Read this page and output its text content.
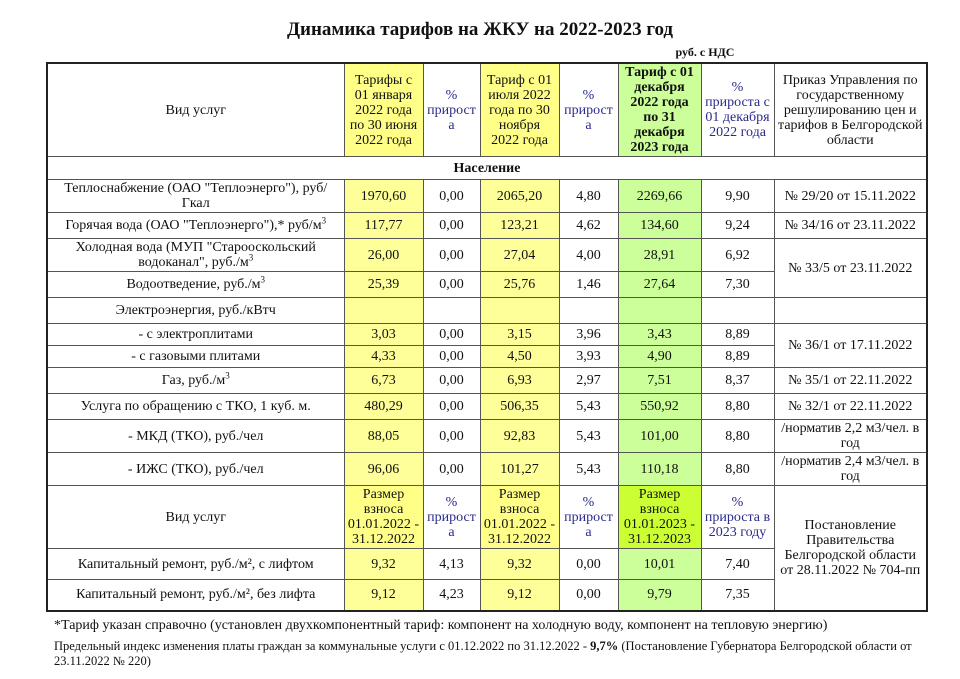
Динамика тарифов на ЖКУ на 2022-2023 год
руб. с НДС
Вид услуг	Тарифы с 01 января 2022 года по 30 июня 2022 года	% прироста	Тариф с 01 июля 2022 года по 30 ноября 2022 года	% прироста	Тариф с 01 декабря 2022 года по 31 декабря 2023 года	% прироста с 01 декабря 2022 года	Приказ Управления по государственному решулированию цен и тарифов в Белгородской области
Население							
Теплоснабжение (ОАО "Теплоэнерго"), руб/Гкал	1970,60	0,00	2065,20	4,80	2269,66	9,90	№ 29/20 от 15.11.2022
Горячая вода (ОАО "Теплоэнерго"),* руб/$м^3$	117,77	0,00	123,21	4,62	134,60	9,24	№ 34/16 от 23.11.2022
Холодная вода (МУП "Старооскольский водоканал", $руб./м^3$	26,00	0,00	27,04	4,00	28,91	6,92	№ 33/5 от 23.11.2022
Водоотведение, $руб./м^3$	25,39	0,00	25,76	1,46	27,64	7,30	
Электроэнергия, руб./кВтч							
- с электроплитами	3,03	0,00	3,15	3,96	3,43	8,89	№ 36/1 от 17.11.2022
- с газовыми плитами	4,33	0,00	4,50	3,93	4,90	8,89	
Газ, $руб./м^3$	6,73	0,00	6,93	2,97	7,51	8,37	№ 35/1 от 22.11.2022
Услуга по обращению с ТКО, 1 куб. м.	480,29	0,00	506,35	5,43	550,92	8,80	№ 32/1 от 22.11.2022
- МКД (ТКО), руб./чел	88,05	0,00	92,83	5,43	101,00	8,80	/норматив 2,2 м3/чел. в год
- ИЖС (ТКО), руб./чел	96,06	0,00	101,27	5,43	110,18	8,80	/норматив 2,4 м3/чел. в год
Вид услуг	Размер взноса 01.01.2022 - 31.12.2022	% прироста	Размер взноса 01.01.2022 - 31.12.2022	% прироста	Размер взноса 01.01.2023 - 31.12.2023	% прироста в 2023 году	Постановление Правительства Белгородской области от 28.11.2022 № 704-пп
Капитальный ремонт, руб./м², с лифтом	9,32	4,13	9,32	0,00	10,01	7,40	
Капитальный ремонт, руб./м², без лифта	9,12	4,23	9,12	0,00	9,79	7,35	
*Тариф указан справочно (установлен двухкомпонентный тариф: компонент на холодную воду, компонент на тепловую энергию)
Предельный индекс изменения платы граждан за коммунальные услуги с 01.12.2022 по 31.12.2022 - 9,7% (Постановление Губернатора Белгородской области от 23.11.2022 № 220)
